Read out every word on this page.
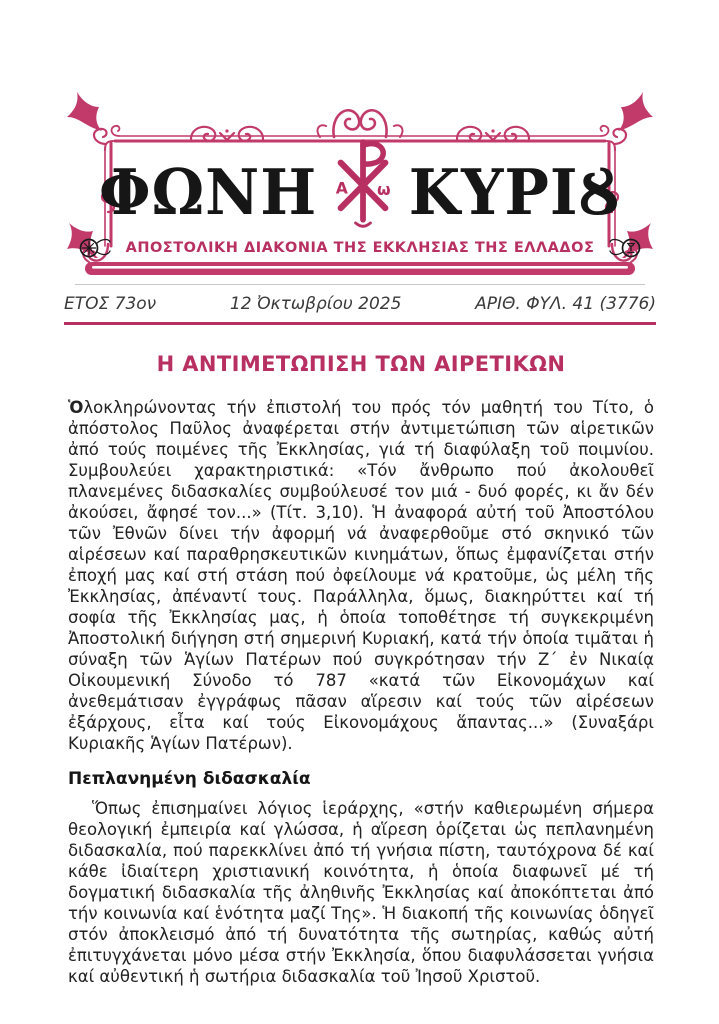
ΦΩΝΗ Α ω ΚΥΡΙȢ
ΑΠΟΣΤΟΛΙΚΗ ΔΙΑΚΟΝΙΑ ΤΗΣ ΕΚΚΛΗΣΙΑΣ ΤΗΣ ΕΛΛΑΔΟΣ
ΕΤΟΣ 73ον	12 Ὀκτωβρίου 2025	ΑΡΙΘ. ΦΥΛ. 41 (3776)
Η ΑΝΤΙΜΕΤΩΠΙΣΗ ΤΩΝ ΑΙΡΕΤΙΚΩΝ

Ὁλοκληρώνοντας τήν ἐπιστολή του πρός τόν μαθητή του Τίτο, ὁ ἀπόστολος Παῦλος ἀναφέρεται στήν ἀντιμετώπιση τῶν αἱρετικῶν ἀπό τούς ποιμένες τῆς Ἐκκλησίας, γιά τή διαφύλαξη τοῦ ποιμνίου. Συμβουλεύει χαρακτηριστικά: «Τόν ἄνθρωπο πού ἀκολουθεῖ πλανεμένες διδασκαλίες συμβούλευσέ τον μιά - δυό φορές, κι ἄν δέν ἀκούσει, ἄφησέ τον...» (Τίτ. 3,10). Ἡ ἀναφορά αὐτή τοῦ Ἀποστόλου τῶν Ἐθνῶν δίνει τήν ἀφορμή νά ἀναφερθοῦμε στό σκηνικό τῶν αἱρέσεων καί παραθρησκευτικῶν κινημάτων, ὅπως ἐμφανίζεται στήν ἐποχή μας καί στή στάση πού ὀφείλουμε νά κρατοῦμε, ὡς μέλη τῆς Ἐκκλησίας, ἀπέναντί τους. Παράλληλα, ὅμως, διακηρύττει καί τή σοφία τῆς Ἐκκλησίας μας, ἡ ὁποία τοποθέτησε τή συγκεκριμένη Ἀποστολική διήγηση στή σημερινή Κυριακή, κατά τήν ὁποία τιμᾶται ἡ σύναξη τῶν Ἁγίων Πατέρων πού συγκρότησαν τήν Ζ´ ἐν Νικαίᾳ Οἰκουμενική Σύνοδο τό 787 «κατά τῶν Εἰκονομάχων καί ἀνεθεμάτισαν ἐγγράφως πᾶσαν αἵρεσιν καί τούς τῶν αἱρέσεων ἐξάρχους, εἶτα καί τούς Εἰκονομάχους ἅπαντας...» (Συναξάρι Κυριακῆς Ἁγίων Πατέρων).

Πεπλανημένη διδασκαλία

Ὅπως ἐπισημαίνει λόγιος ἱεράρχης, «στήν καθιερωμένη σήμερα θεολογική ἐμπειρία καί γλώσσα, ἡ αἵρεση ὁρίζεται ὡς πεπλανημένη διδασκαλία, πού παρεκκλίνει ἀπό τή γνήσια πίστη, ταυτόχρονα δέ καί κάθε ἰδιαίτερη χριστιανική κοινότητα, ἡ ὁποία διαφωνεῖ μέ τή δογματική διδασκαλία τῆς ἀληθινῆς Ἐκκλησίας καί ἀποκόπτεται ἀπό τήν κοινωνία καί ἑνότητα μαζί Της». Ἡ διακοπή τῆς κοινωνίας ὁδηγεῖ στόν ἀποκλεισμό ἀπό τή δυνατότητα τῆς σωτηρίας, καθώς αὐτή ἐπιτυγχάνεται μόνο μέσα στήν Ἐκκλησία, ὅπου διαφυλάσσεται γνήσια καί αὐθεντική ἡ σωτήρια διδασκαλία τοῦ Ἰησοῦ Χριστοῦ.
